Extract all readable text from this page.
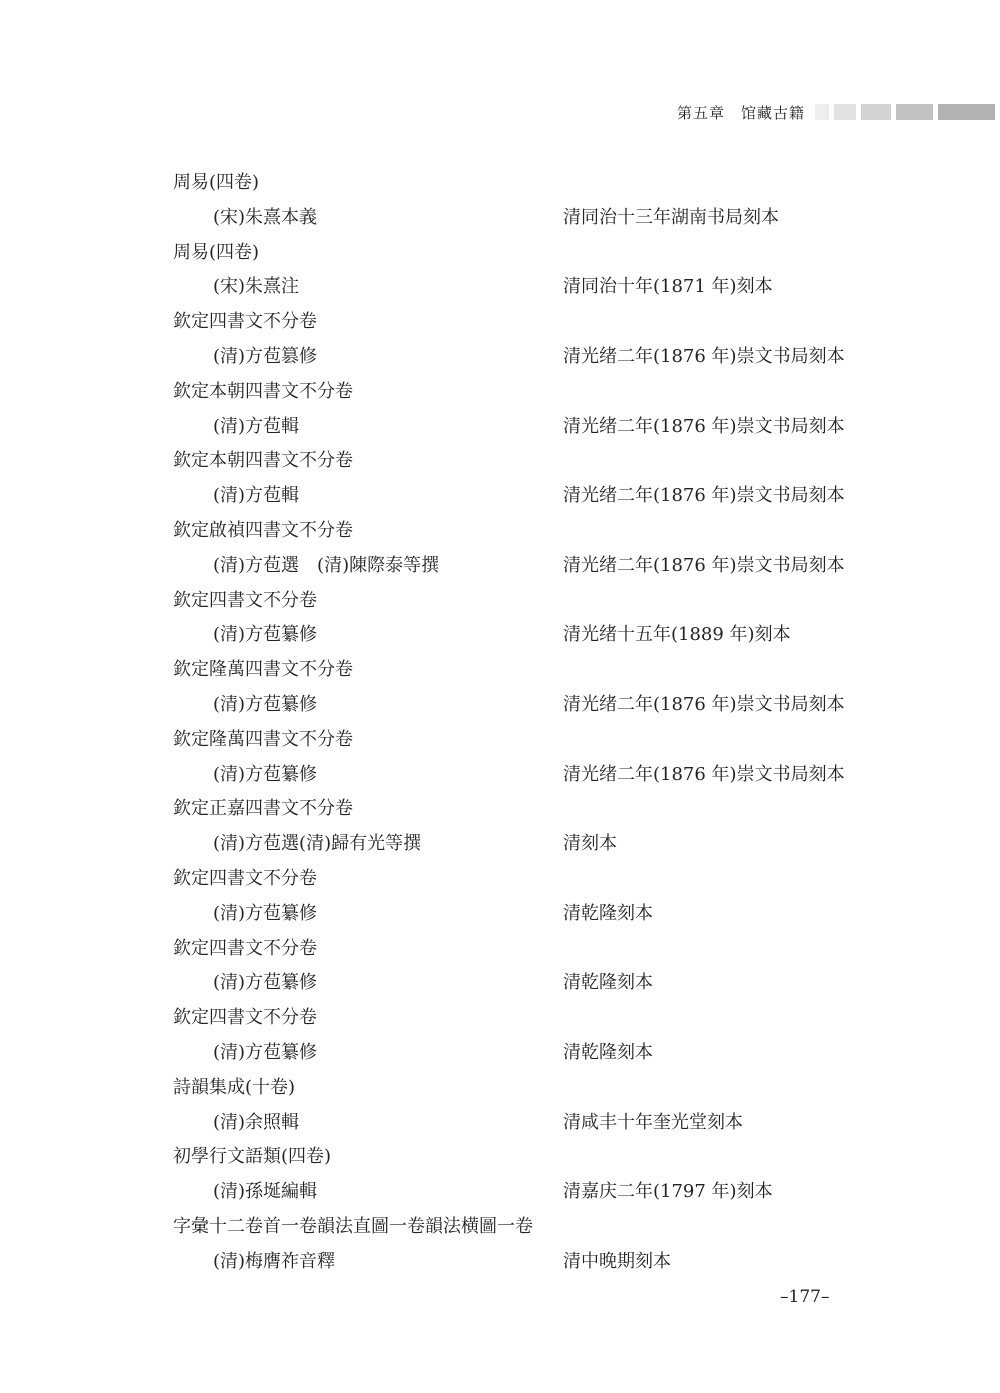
第五章　馆藏古籍
周易(四卷)
(宋)朱熹本義	清同治十三年湖南书局刻本
周易(四卷)
(宋)朱熹注	清同治十年(1871 年)刻本
欽定四書文不分卷
(清)方苞篡修	清光绪二年(1876 年)崇文书局刻本
欽定本朝四書文不分卷
(清)方苞輯	清光绪二年(1876 年)崇文书局刻本
欽定本朝四書文不分卷
(清)方苞輯	清光绪二年(1876 年)崇文书局刻本
欽定啟禎四書文不分卷
(清)方苞選　(清)陳際泰等撰	清光绪二年(1876 年)崇文书局刻本
欽定四書文不分卷
(清)方苞纂修	清光绪十五年(1889 年)刻本
欽定隆萬四書文不分卷
(清)方苞纂修	清光绪二年(1876 年)崇文书局刻本
欽定隆萬四書文不分卷
(清)方苞纂修	清光绪二年(1876 年)崇文书局刻本
欽定正嘉四書文不分卷
(清)方苞選(清)歸有光等撰	清刻本
欽定四書文不分卷
(清)方苞纂修	清乾隆刻本
欽定四書文不分卷
(清)方苞纂修	清乾隆刻本
欽定四書文不分卷
(清)方苞纂修	清乾隆刻本
詩韻集成(十卷)
(清)余照輯	清咸丰十年奎光堂刻本
初學行文語類(四卷)
(清)孫埏編輯	清嘉庆二年(1797 年)刻本
字彙十二卷首一卷韻法直圖一卷韻法横圖一卷
(清)梅膺祚音釋	清中晚期刻本
–177–
